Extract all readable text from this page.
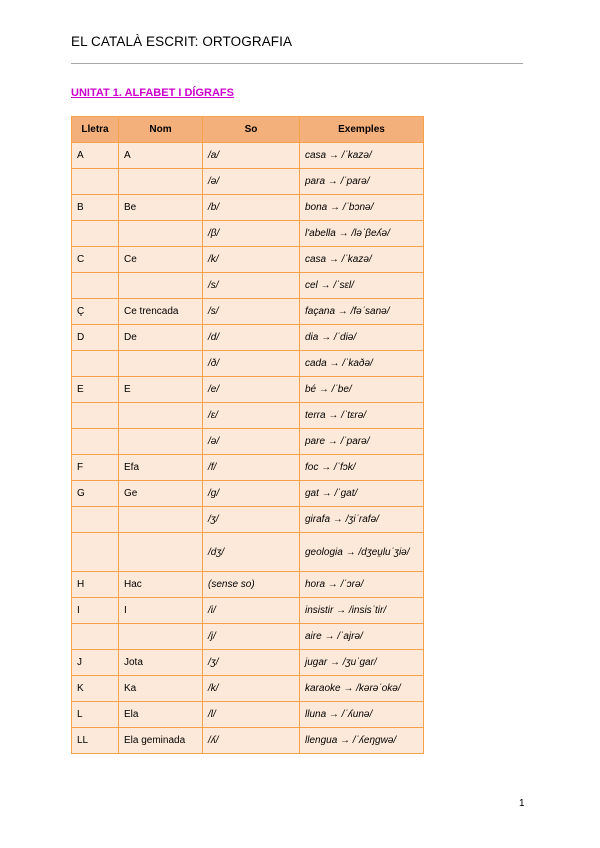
EL CATALÀ ESCRIT: ORTOGRAFIA
UNITAT 1. ALFABET I DÍGRAFS
Lletra	Nom	So	Exemples
A	A	/a/	casa → /ˈkazə/
		/ə/	para → /ˈparə/
B	Be	/b/	bona → /ˈbɔnə/
		/β/	l'abella → /ləˈβeʎə/
C	Ce	/k/	casa → /ˈkazə/
		/s/	cel → /ˈsɛl/
Ç	Ce trencada	/s/	façana → /fəˈsanə/
D	De	/d/	dia → /ˈdiə/
		/ð/	cada → /ˈkaðə/
E	E	/e/	bé → /ˈbe/
		/ɛ/	terra → /ˈtɛrə/
		/ə/	pare → /ˈparə/
F	Efa	/f/	foc → /ˈfɔk/
G	Ge	/g/	gat → /ˈgat/
		/ʒ/	girafa → /ʒiˈrafə/
		/dʒ/	geologia → /dʒeu̯luˈʒiə/
H	Hac	(sense so)	hora → /ˈɔrə/
I	I	/i/	insistir → /insisˈtir/
		/j/	aire → /ˈajrə/
J	Jota	/ʒ/	jugar → /ʒuˈgar/
K	Ka	/k/	karaoke → /kərəˈokə/
L	Ela	/l/	lluna → /ˈʎunə/
LL	Ela geminada	/ʎ/	llengua → /ˈʎeŋgwə/
1
